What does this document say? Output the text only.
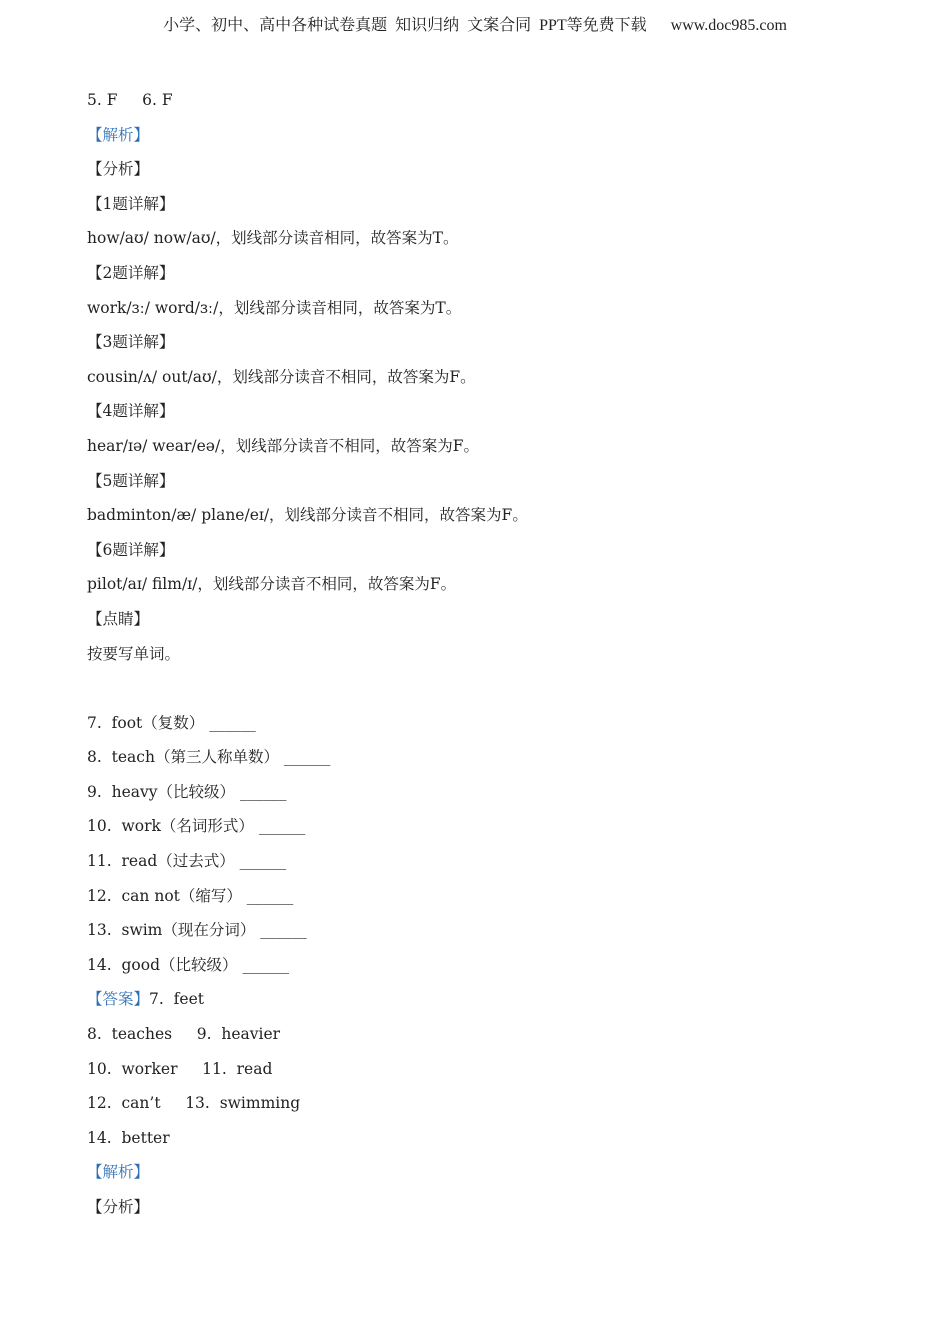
小学、初中、高中各种试卷真题  知识归纳  文案合同  PPT等免费下载      www.doc985.com
5. F     6. F
【解析】
【分析】
【1题详解】
how/aʊ/ now/aʊ/，划线部分读音相同，故答案为T。
【2题详解】
work/ɜː/ word/ɜː/，划线部分读音相同，故答案为T。
【3题详解】
cousin/ʌ/ out/aʊ/，划线部分读音不相同，故答案为F。
【4题详解】
hear/ɪə/ wear/eə/，划线部分读音不相同，故答案为F。
【5题详解】
badminton/æ/ plane/eɪ/，划线部分读音不相同，故答案为F。
【6题详解】
pilot/aɪ/ film/ɪ/，划线部分读音不相同，故答案为F。
【点睛】
按要写单词。
7.  foot（复数） ______
8.  teach（第三人称单数） ______
9.  heavy（比较级） ______
10.  work（名词形式） ______
11.  read（过去式） ______
12.  can not（缩写） ______
13.  swim（现在分词） ______
14.  good（比较级） ______
【答案】7.  feet
8.  teaches     9.  heavier
10.  worker     11.  read
12.  can’t     13.  swimming
14.  better
【解析】
【分析】
